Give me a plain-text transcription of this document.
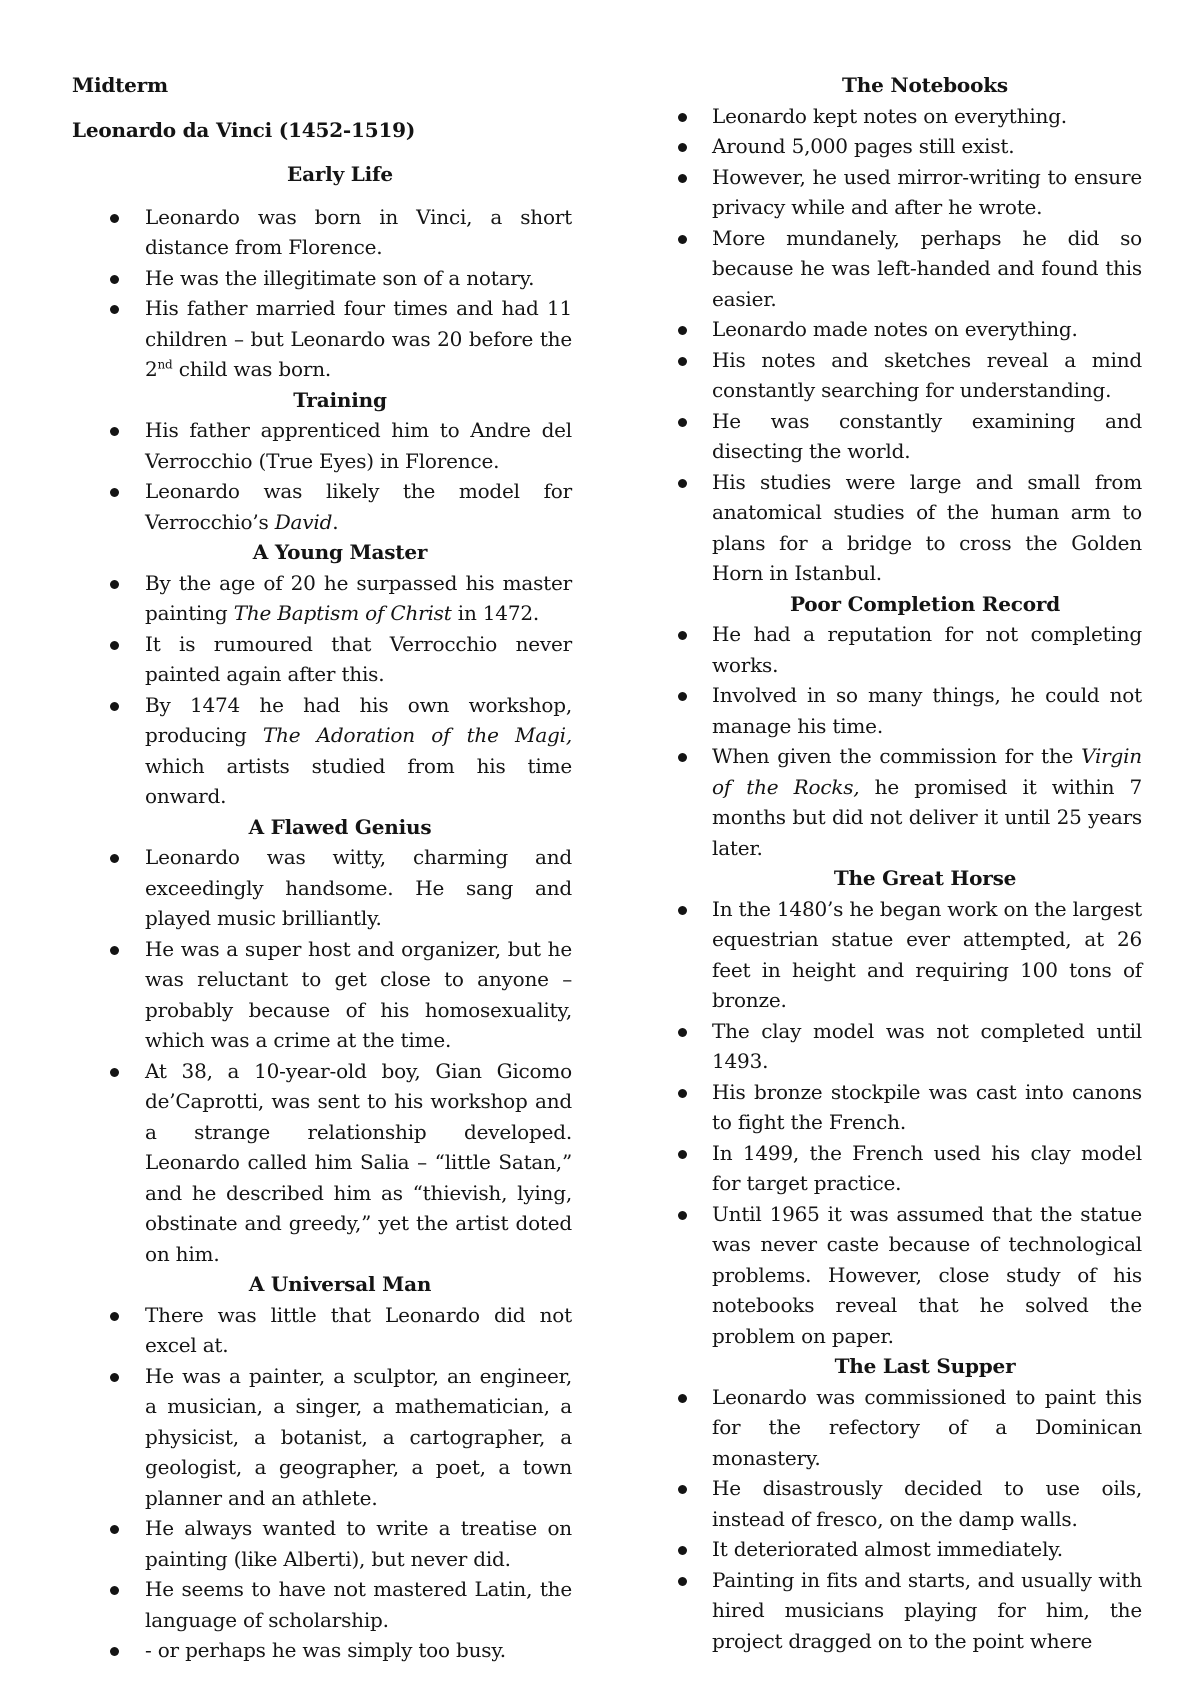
Midterm

Leonardo da Vinci (1452-1519)

Early Life

Leonardo was born in Vinci, a short distance from Florence.
He was the illegitimate son of a notary.
His father married four times and had 11 children – but Leonardo was 20 before the 2nd child was born.

Training

His father apprenticed him to Andre del Verrocchio (True Eyes) in Florence.
Leonardo was likely the model for Verrocchio’s David.

A Young Master

By the age of 20 he surpassed his master painting The Baptism of Christ in 1472.
It is rumoured that Verrocchio never painted again after this.
By 1474 he had his own workshop, producing The Adoration of the Magi, which artists studied from his time onward.

A Flawed Genius

Leonardo was witty, charming and exceedingly handsome. He sang and played music brilliantly.
He was a super host and organizer, but he was reluctant to get close to anyone – probably because of his homosexuality, which was a crime at the time.
At 38, a 10-year-old boy, Gian Gicomo de’Caprotti, was sent to his workshop and a strange relationship developed. Leonardo called him Salia – “little Satan,” and he described him as “thievish, lying, obstinate and greedy,” yet the artist doted on him.

A Universal Man

There was little that Leonardo did not excel at.
He was a painter, a sculptor, an engineer, a musician, a singer, a mathematician, a physicist, a botanist, a cartographer, a geologist, a geographer, a poet, a town planner and an athlete.
He always wanted to write a treatise on painting (like Alberti), but never did.
He seems to have not mastered Latin, the language of scholarship.
- or perhaps he was simply too busy.

The Notebooks

Leonardo kept notes on everything.
Around 5,000 pages still exist.
However, he used mirror-writing to ensure privacy while and after he wrote.
More mundanely, perhaps he did so because he was left-handed and found this easier.
Leonardo made notes on everything.
His notes and sketches reveal a mind constantly searching for understanding.
He was constantly examining and disecting the world.
His studies were large and small from anatomical studies of the human arm to plans for a bridge to cross the Golden Horn in Istanbul.

Poor Completion Record

He had a reputation for not completing works.
Involved in so many things, he could not manage his time.
When given the commission for the Virgin of the Rocks, he promised it within 7 months but did not deliver it until 25 years later.

The Great Horse

In the 1480’s he began work on the largest equestrian statue ever attempted, at 26 feet in height and requiring 100 tons of bronze.
The clay model was not completed until 1493.
His bronze stockpile was cast into canons to fight the French.
In 1499, the French used his clay model for target practice.
Until 1965 it was assumed that the statue was never caste because of technological problems. However, close study of his notebooks reveal that he solved the problem on paper.

The Last Supper

Leonardo was commissioned to paint this for the refectory of a Dominican monastery.
He disastrously decided to use oils, instead of fresco, on the damp walls.
It deteriorated almost immediately.
Painting in fits and starts, and usually with hired musicians playing for him, the project dragged on to the point where
